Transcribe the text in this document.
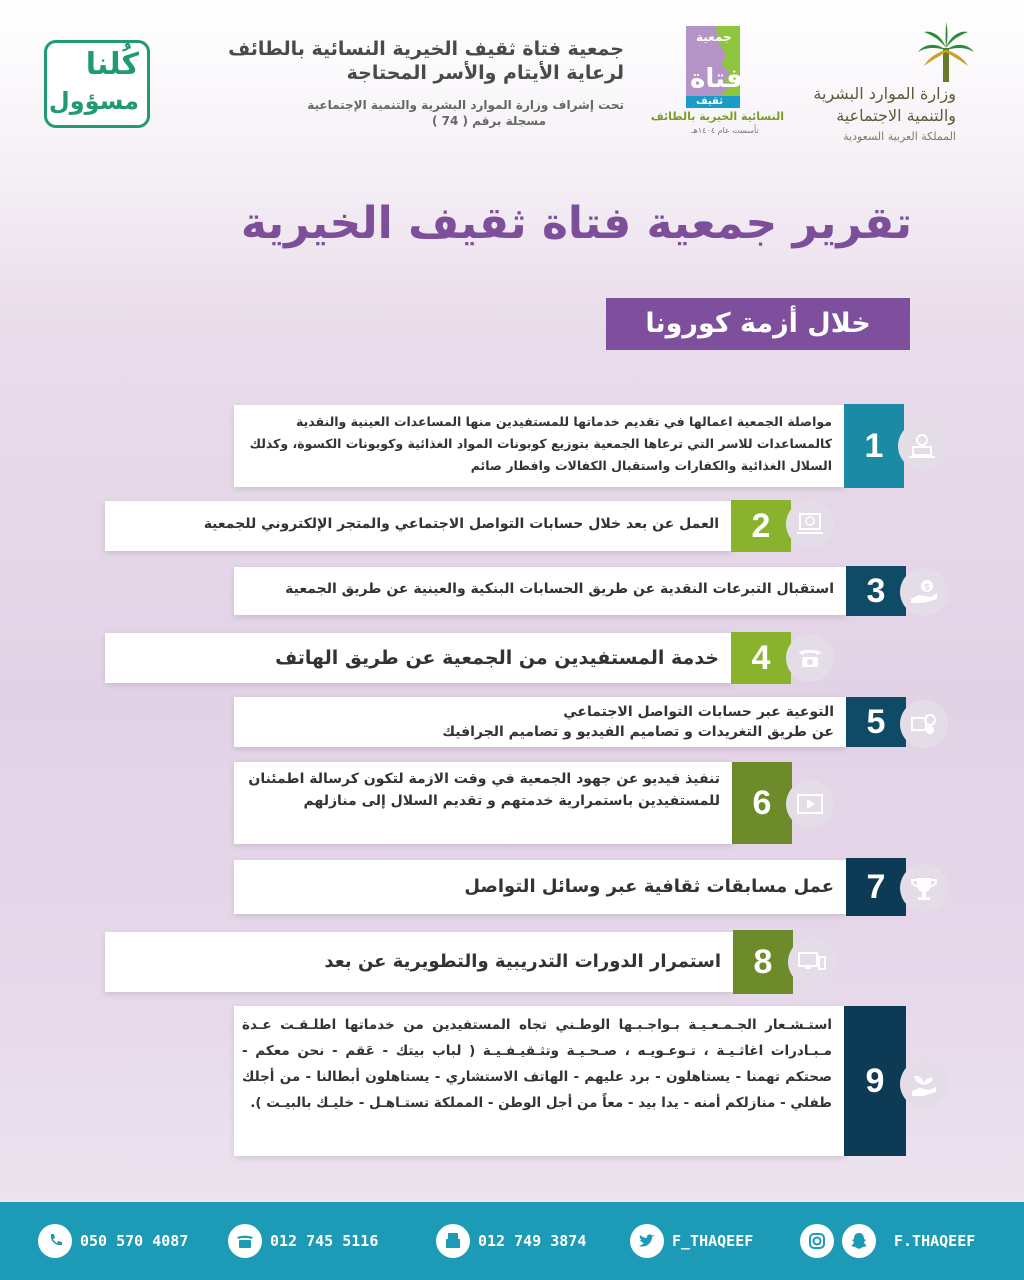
جمعية فتاة ثقيف الخيرية النسائية بالطائف
لرعاية الأيتام والأسر المحتاجة
تحت إشراف وزارة الموارد البشرية والتنمية الإجتماعية
مسجلة برقم ( 74 )
كُلنا
مسؤول
جمعية
فتاة
ثقيف
النسائية الخيرية بالطائف
تأسست عام ١٤٠٤هـ
وزارة الموارد البشرية
والتنمية الاجتماعية
المملكة العربية السعودية
تقرير جمعية فتاة ثقيف الخيرية
خلال أزمة كورونا
مواصلة الجمعية اعمالها في تقديم خدماتها للمستفيدين منها المساعدات العينية والنقدية كالمساعدات للاسر التي ترعاها الجمعية بتوزيع كوبونات المواد الغذائية وكوبونات الكسوة، وكذلك السلال الغذائية والكفارات واستقبال الكفالات وافطار صائم
1
العمل عن بعد خلال حسابات التواصل الاجتماعي والمتجر الإلكتروني للجمعية 2
استقبال التبرعات النقدية عن طريق الحسابات البنكية والعينية عن طريق الجمعية 3	$
خدمة المستفيدين من الجمعية عن طريق الهاتف 4
التوعية عبر حسابات التواصل الاجتماعي
عن طريق التغريدات و تصاميم الفيديو و تصاميم الجرافيك 5
تنفيذ فيديو عن جهود الجمعية في وقت الازمة لتكون كرسالة اطمئنان للمستفيدين باستمرارية خدمتهم و تقديم السلال إلى منازلهم 6
عمل مسابقات ثقافية عبر وسائل التواصل 7
استمرار الدورات التدريبية والتطويرية عن بعد 8
استـشـعار الجـمـعـيـة بـواجـبـها الوطـني تجاه المستفيدين من خدماتها اطلـقـت عـدة مـبـادرات اغاثـيـة ، تـوعـويـه ، صـحـيـة وتثـقيـفـيـة ( لباب بيتك - عَقم - نحن معكم - صحتكم تهمنا - يستاهلون - برد عليهم - الهاتف الاستشاري - يستاهلون أبطالنا - من أجلك طفلي - منازلكم أمنه - يدا بيد - معاً من أجل الوطن - المملكة تستـاهـل - خليـك بالبيـت ).
9
050 570 4087	012 745 5116	012 749 3874	F_THAQEEF	F.THAQEEF
